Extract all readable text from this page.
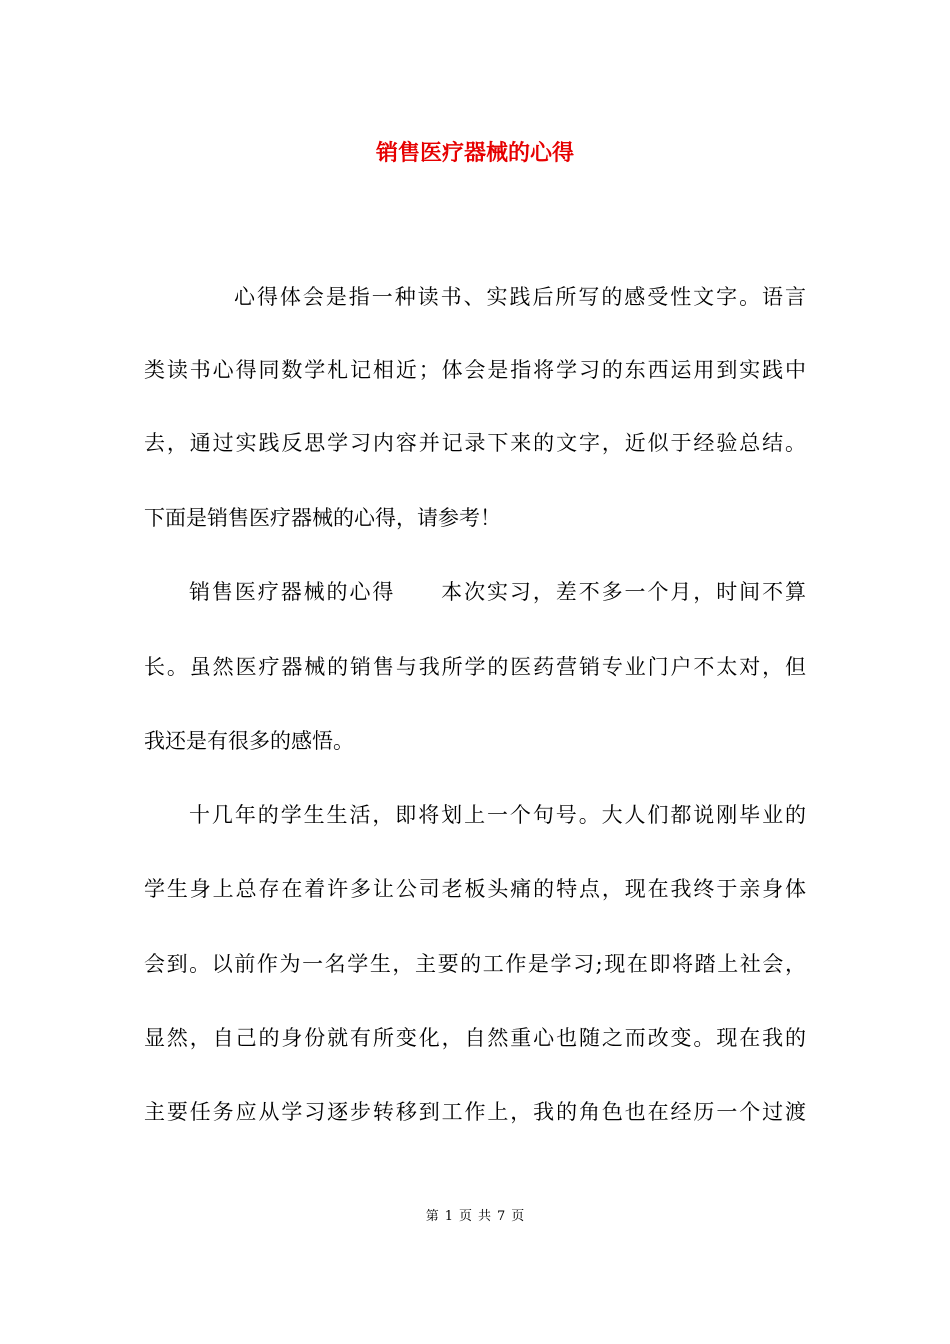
销售医疗器械的心得
心得体会是指一种读书、实践后所写的感受性文字。语言
类读书心得同数学札记相近；体会是指将学习的东西运用到实践中
去，通过实践反思学习内容并记录下来的文字，近似于经验总结。
下面是销售医疗器械的心得，请参考！
销售医疗器械的心得　　本次实习，差不多一个月，时间不算
长。虽然医疗器械的销售与我所学的医药营销专业门户不太对，但
我还是有很多的感悟。
十几年的学生生活，即将划上一个句号。大人们都说刚毕业的
学生身上总存在着许多让公司老板头痛的特点，现在我终于亲身体
会到。以前作为一名学生，主要的工作是学习;现在即将踏上社会，
显然，自己的身份就有所变化，自然重心也随之而改变。现在我的
主要任务应从学习逐步转移到工作上，我的角色也在经历一个过渡
第 1 页 共 7 页
